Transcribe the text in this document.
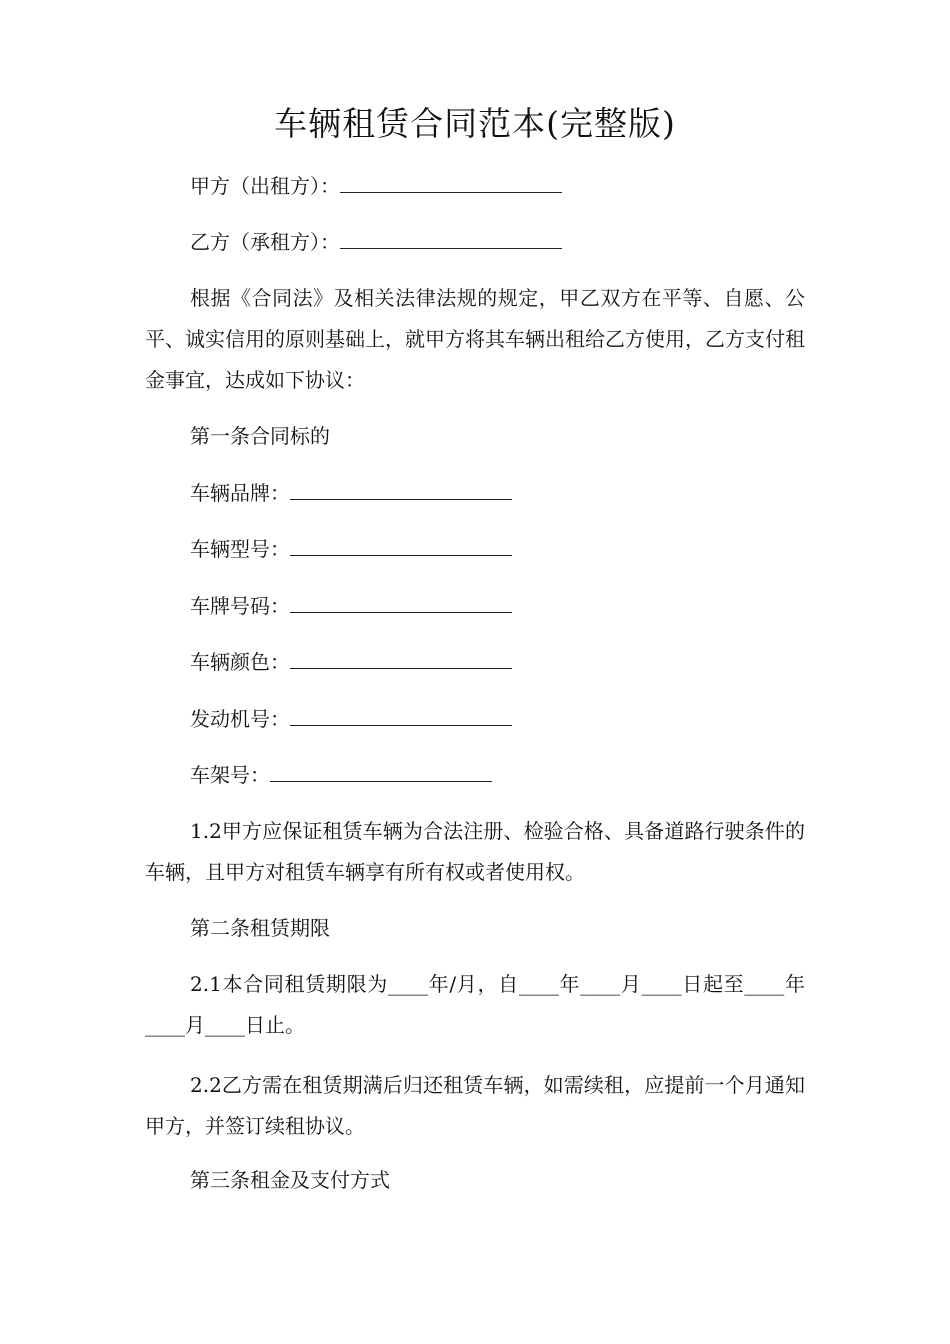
车辆租赁合同范本(完整版)
甲方（出租方）：
乙方（承租方）：
根据《合同法》及相关法律法规的规定，甲乙双方在平等、自愿、公平、诚实信用的原则基础上，就甲方将其车辆出租给乙方使用，乙方支付租金事宜，达成如下协议：
第一条合同标的
车辆品牌：
车辆型号：
车牌号码：
车辆颜色：
发动机号：
车架号：
1.2甲方应保证租赁车辆为合法注册、检验合格、具备道路行驶条件的车辆，且甲方对租赁车辆享有所有权或者使用权。
第二条租赁期限
2.1本合同租赁期限为____年/月，自____年____月____日起至____年____月____日止。
2.2乙方需在租赁期满后归还租赁车辆，如需续租，应提前一个月通知甲方，并签订续租协议。
第三条租金及支付方式
